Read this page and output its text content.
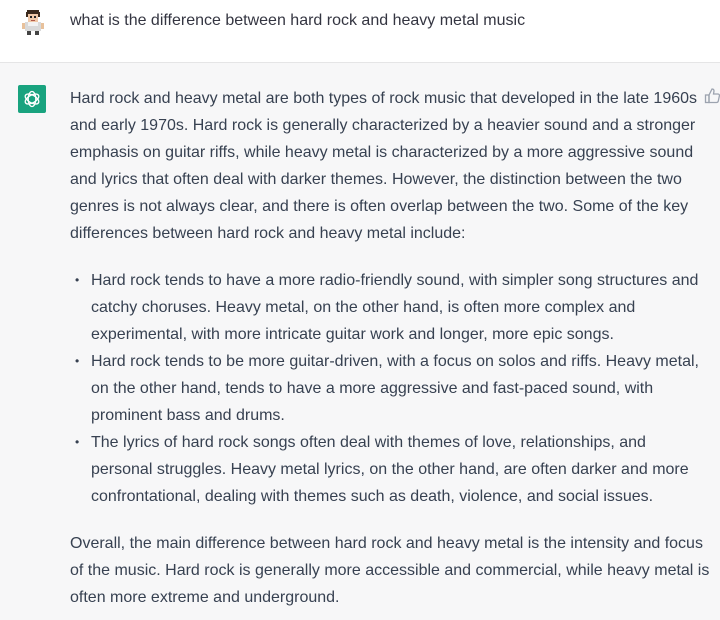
what is the difference between hard rock and heavy metal music

Hard rock and heavy metal are both types of rock music that developed in the late 1960s

and early 1970s. Hard rock is generally characterized by a heavier sound and a stronger

emphasis on guitar riffs, while heavy metal is characterized by a more aggressive sound

and lyrics that often deal with darker themes. However, the distinction between the two

genres is not always clear, and there is often overlap between the two. Some of the key

differences between hard rock and heavy metal include:

• Hard rock tends to have a more radio-friendly sound, with simpler song structures and
catchy choruses. Heavy metal, on the other hand, is often more complex and
experimental, with more intricate guitar work and longer, more epic songs.
• Hard rock tends to be more guitar-driven, with a focus on solos and riffs. Heavy metal,
on the other hand, tends to have a more aggressive and fast-paced sound, with
prominent bass and drums.
• The lyrics of hard rock songs often deal with themes of love, relationships, and
personal struggles. Heavy metal lyrics, on the other hand, are often darker and more
confrontational, dealing with themes such as death, violence, and social issues.

Overall, the main difference between hard rock and heavy metal is the intensity and focus

of the music. Hard rock is generally more accessible and commercial, while heavy metal is

often more extreme and underground.
